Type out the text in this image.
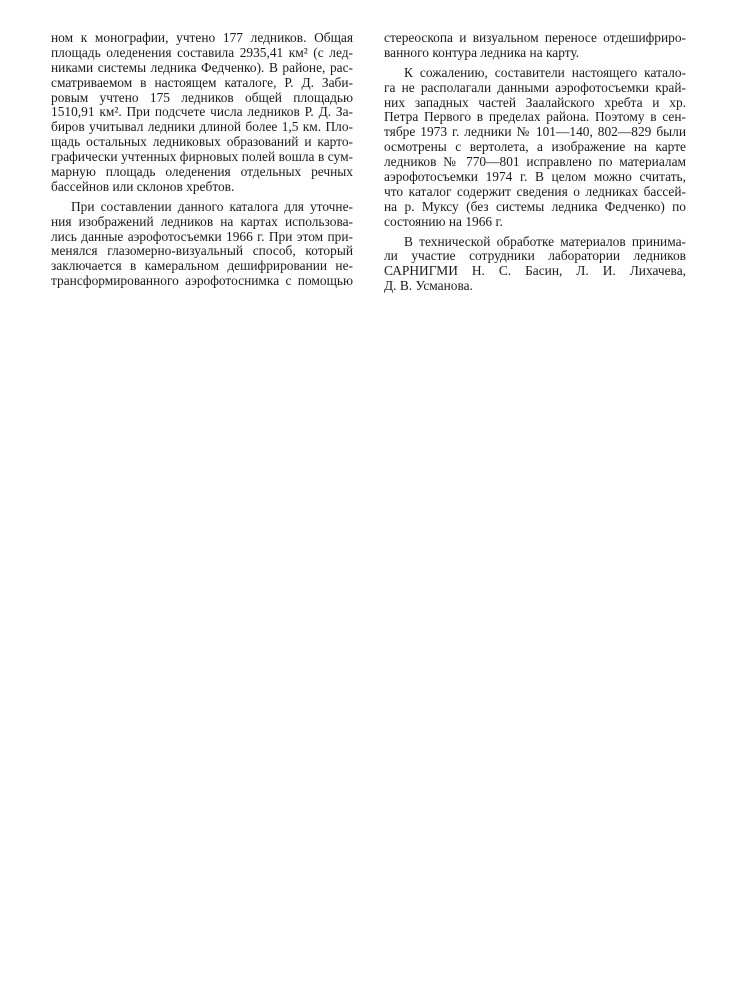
ном к монографии, учтено 177 ледников. Общая
площадь оледенения составила 2935,41 км² (с лед-
никами системы ледника Федченко). В районе, рас-
сматриваемом в настоящем каталоге, Р. Д. Заби-
ровым учтено 175 ледников общей площадью
1510,91 км². При подсчете числа ледников Р. Д. За-
биров учитывал ледники длиной более 1,5 км. Пло-
щадь остальных ледниковых образований и карто-
графически учтенных фирновых полей вошла в сум-
марную площадь оледенения отдельных речных
бассейнов или склонов хребтов.
При составлении данного каталога для уточне-
ния изображений ледников на картах использова-
лись данные аэрофотосъемки 1966 г. При этом при-
менялся глазомерно-визуальный способ, который
заключается в камеральном дешифрировании не-
трансформированного аэрофотоснимка с помощью
стереоскопа и визуальном переносе отдешифриро-
ванного контура ледника на карту.
К сожалению, составители настоящего катало-
га не располагали данными аэрофотосъемки край-
них западных частей Заалайского хребта и хр.
Петра Первого в пределах района. Поэтому в сен-
тябре 1973 г. ледники № 101—140, 802—829 были
осмотрены с вертолета, а изображение на карте
ледников № 770—801 исправлено по материалам
аэрофотосъемки 1974 г. В целом можно считать,
что каталог содержит сведения о ледниках бассей-
на р. Муксу (без системы ледника Федченко) по
состоянию на 1966 г.
В технической обработке материалов принима-
ли участие сотрудники лаборатории ледников
САРНИГМИ Н. С. Басин, Л. И. Лихачева,
Д. В. Усманова.
